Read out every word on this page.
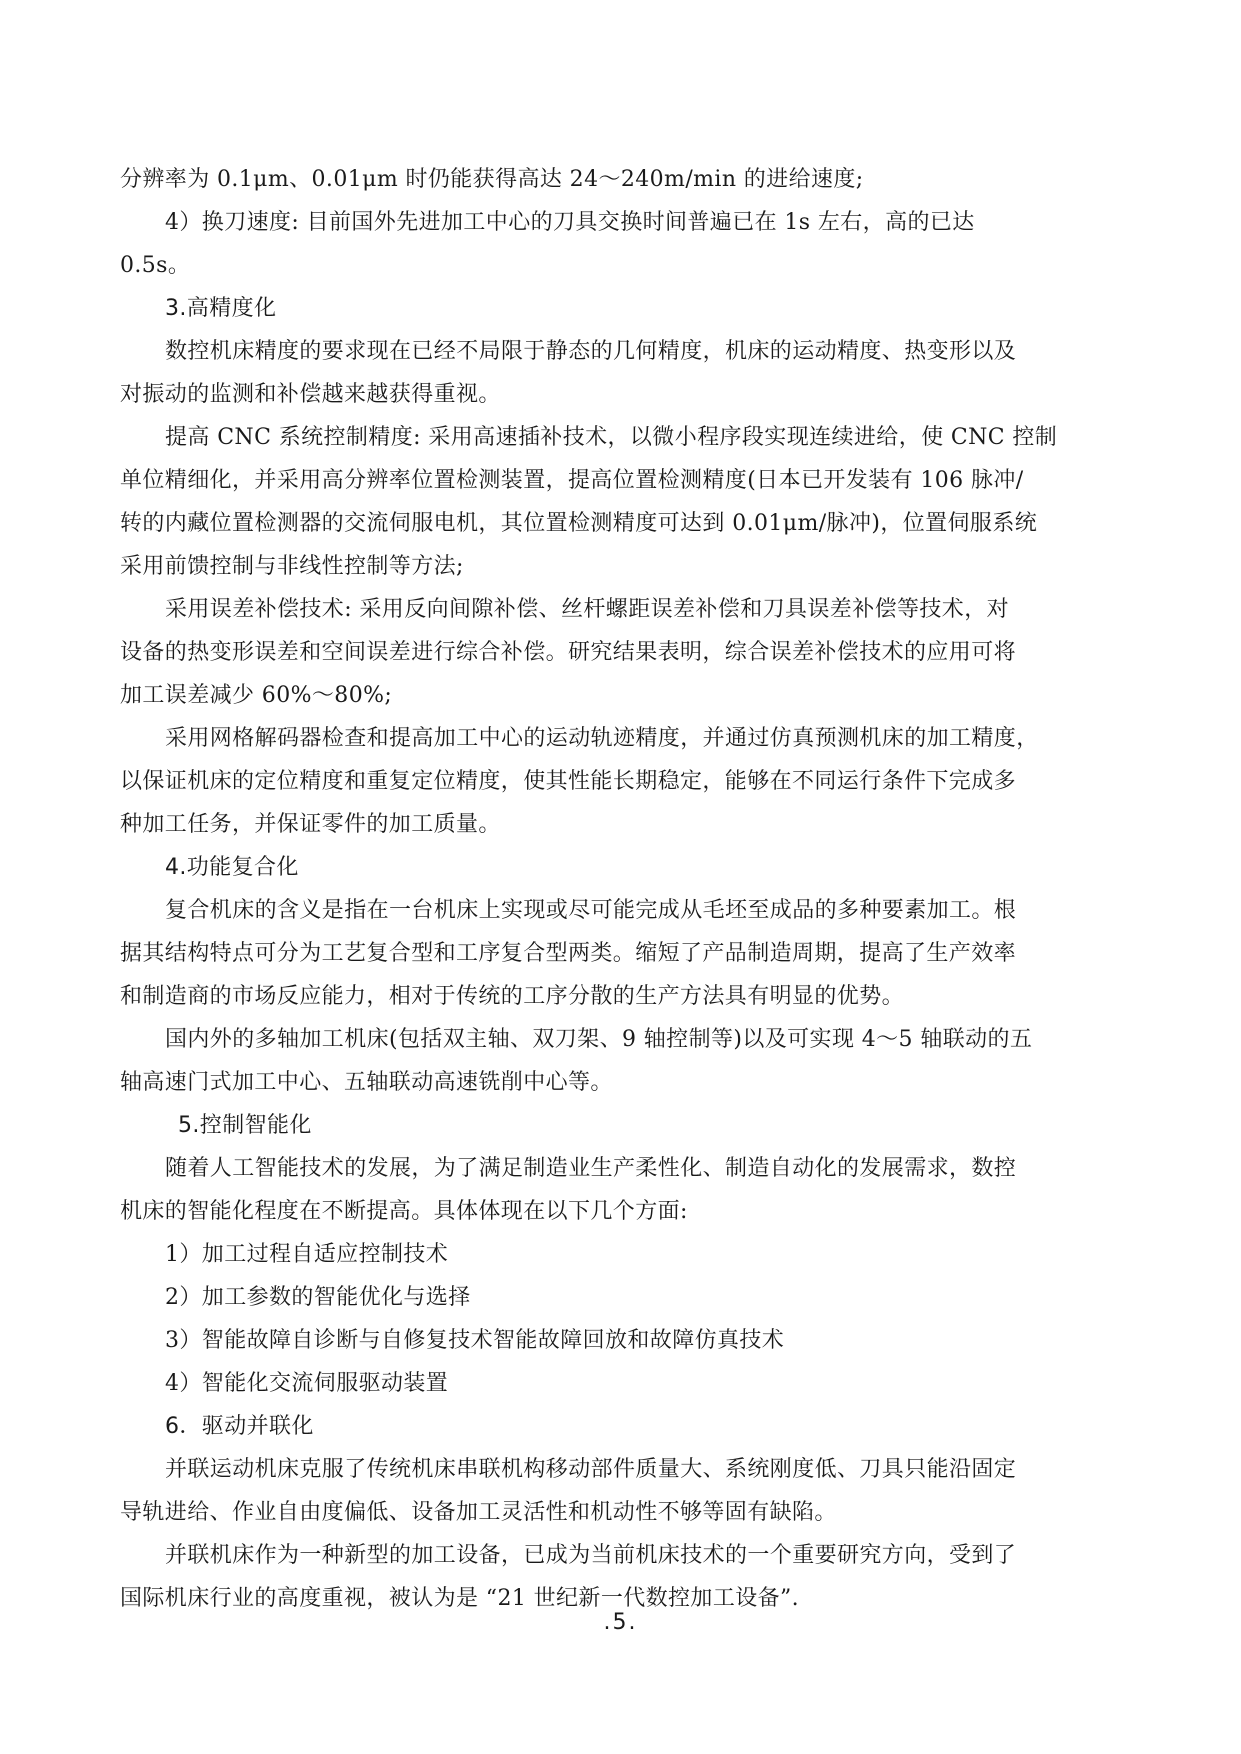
分辨率为 0.1μm、0.01μm 时仍能获得高达 24～240m/min 的进给速度;
4）换刀速度: 目前国外先进加工中心的刀具交换时间普遍已在 1s 左右，高的已达
0.5s。
3.高精度化
数控机床精度的要求现在已经不局限于静态的几何精度，机床的运动精度、热变形以及
对振动的监测和补偿越来越获得重视。
提高 CNC 系统控制精度: 采用高速插补技术，以微小程序段实现连续进给，使 CNC 控制
单位精细化，并采用高分辨率位置检测装置，提高位置检测精度(日本已开发装有 106 脉冲/
转的内藏位置检测器的交流伺服电机，其位置检测精度可达到 0.01μm/脉冲)，位置伺服系统
采用前馈控制与非线性控制等方法;
采用误差补偿技术: 采用反向间隙补偿、丝杆螺距误差补偿和刀具误差补偿等技术，对
设备的热变形误差和空间误差进行综合补偿。研究结果表明，综合误差补偿技术的应用可将
加工误差减少 60%～80%;
采用网格解码器检查和提高加工中心的运动轨迹精度，并通过仿真预测机床的加工精度，
以保证机床的定位精度和重复定位精度，使其性能长期稳定，能够在不同运行条件下完成多
种加工任务，并保证零件的加工质量。
4.功能复合化
复合机床的含义是指在一台机床上实现或尽可能完成从毛坯至成品的多种要素加工。根
据其结构特点可分为工艺复合型和工序复合型两类。缩短了产品制造周期，提高了生产效率
和制造商的市场反应能力，相对于传统的工序分散的生产方法具有明显的优势。
国内外的多轴加工机床(包括双主轴、双刀架、9 轴控制等)以及可实现 4～5 轴联动的五
轴高速门式加工中心、五轴联动高速铣削中心等。
5.控制智能化
随着人工智能技术的发展，为了满足制造业生产柔性化、制造自动化的发展需求，数控
机床的智能化程度在不断提高。具体体现在以下几个方面:
1）加工过程自适应控制技术
2）加工参数的智能优化与选择
3）智能故障自诊断与自修复技术智能故障回放和故障仿真技术
4）智能化交流伺服驱动装置
6．驱动并联化
并联运动机床克服了传统机床串联机构移动部件质量大、系统刚度低、刀具只能沿固定
导轨进给、作业自由度偏低、设备加工灵活性和机动性不够等固有缺陷。
并联机床作为一种新型的加工设备，已成为当前机床技术的一个重要研究方向，受到了
国际机床行业的高度重视，被认为是 “21 世纪新一代数控加工设备”.
.5.
